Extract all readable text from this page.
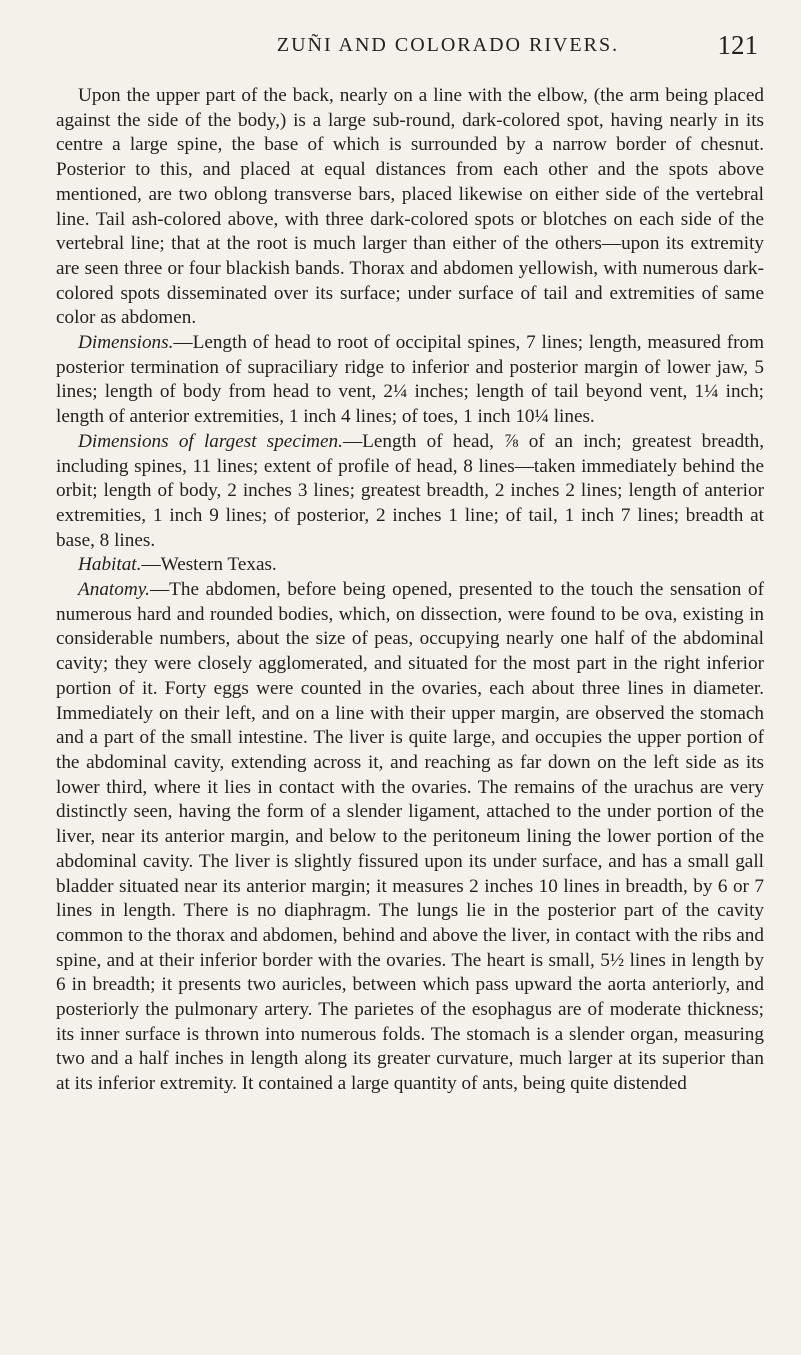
ZUÑI AND COLORADO RIVERS.	121

Upon the upper part of the back, nearly on a line with the elbow, (the arm being placed against the side of the body,) is a large sub-round, dark-colored spot, having nearly in its centre a large spine, the base of which is surrounded by a narrow border of chesnut. Posterior to this, and placed at equal distances from each other and the spots above mentioned, are two oblong transverse bars, placed likewise on either side of the vertebral line. Tail ash-colored above, with three dark-colored spots or blotches on each side of the vertebral line; that at the root is much larger than either of the others—upon its extremity are seen three or four blackish bands. Thorax and abdomen yellowish, with numerous dark-colored spots disseminated over its surface; under surface of tail and extremities of same color as abdomen.

Dimensions.—Length of head to root of occipital spines, 7 lines; length, measured from posterior termination of supraciliary ridge to inferior and posterior margin of lower jaw, 5 lines; length of body from head to vent, 2¼ inches; length of tail beyond vent, 1¼ inch; length of anterior extremities, 1 inch 4 lines; of toes, 1 inch 10¼ lines.

Dimensions of largest specimen.—Length of head, ⅞ of an inch; greatest breadth, including spines, 11 lines; extent of profile of head, 8 lines—taken immediately behind the orbit; length of body, 2 inches 3 lines; greatest breadth, 2 inches 2 lines; length of anterior extremities, 1 inch 9 lines; of posterior, 2 inches 1 line; of tail, 1 inch 7 lines; breadth at base, 8 lines.

Habitat.—Western Texas.

Anatomy.—The abdomen, before being opened, presented to the touch the sensation of numerous hard and rounded bodies, which, on dissection, were found to be ova, existing in considerable numbers, about the size of peas, occupying nearly one half of the abdominal cavity; they were closely agglomerated, and situated for the most part in the right inferior portion of it. Forty eggs were counted in the ovaries, each about three lines in diameter. Immediately on their left, and on a line with their upper margin, are observed the stomach and a part of the small intestine. The liver is quite large, and occupies the upper portion of the abdominal cavity, extending across it, and reaching as far down on the left side as its lower third, where it lies in contact with the ovaries. The remains of the urachus are very distinctly seen, having the form of a slender ligament, attached to the under portion of the liver, near its anterior margin, and below to the peritoneum lining the lower portion of the abdominal cavity. The liver is slightly fissured upon its under surface, and has a small gall bladder situated near its anterior margin; it measures 2 inches 10 lines in breadth, by 6 or 7 lines in length. There is no diaphragm. The lungs lie in the posterior part of the cavity common to the thorax and abdomen, behind and above the liver, in contact with the ribs and spine, and at their inferior border with the ovaries. The heart is small, 5½ lines in length by 6 in breadth; it presents two auricles, between which pass upward the aorta anteriorly, and posteriorly the pulmonary artery. The parietes of the esophagus are of moderate thickness; its inner surface is thrown into numerous folds. The stomach is a slender organ, measuring two and a half inches in length along its greater curvature, much larger at its superior than at its inferior extremity. It contained a large quantity of ants, being quite distended
